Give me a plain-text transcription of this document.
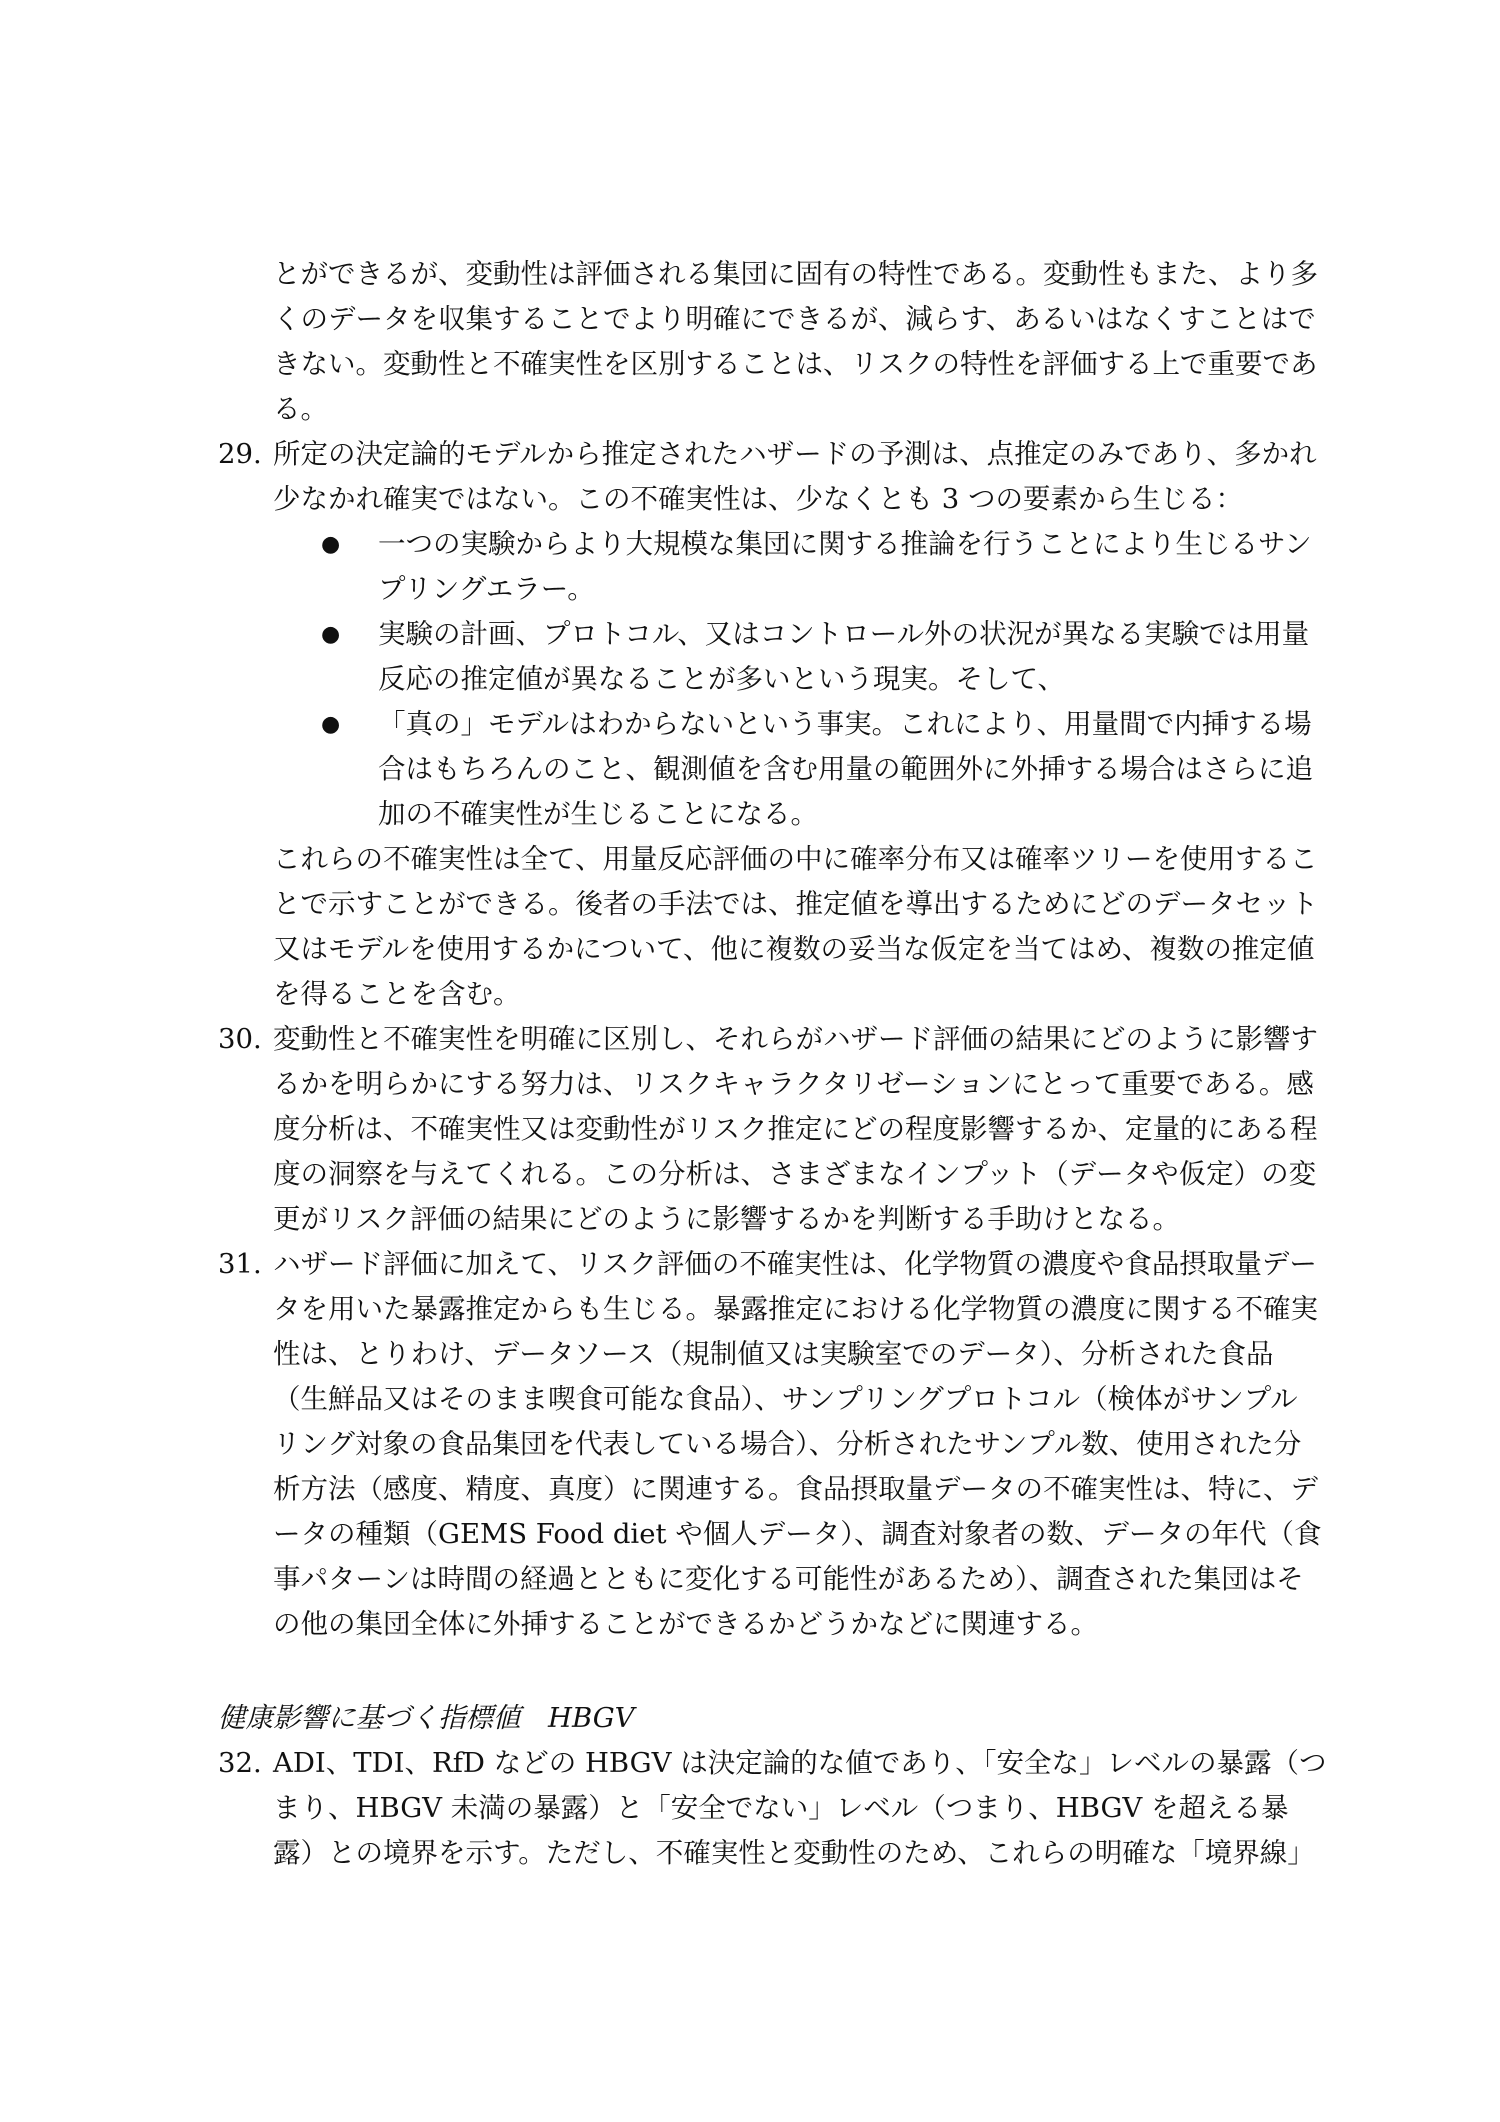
とができるが、変動性は評価される集団に固有の特性である。変動性もまた、より多
くのデータを収集することでより明確にできるが、減らす、あるいはなくすことはで
きない。変動性と不確実性を区別することは、リスクの特性を評価する上で重要であ
る。
29. 所定の決定論的モデルから推定されたハザードの予測は、点推定のみであり、多かれ
少なかれ確実ではない。この不確実性は、少なくとも 3 つの要素から生じる：
● 一つの実験からより大規模な集団に関する推論を行うことにより生じるサン
プリングエラー。
● 実験の計画、プロトコル、又はコントロール外の状況が異なる実験では用量
反応の推定値が異なることが多いという現実。そして、
● 「真の」モデルはわからないという事実。これにより、用量間で内挿する場
合はもちろんのこと、観測値を含む用量の範囲外に外挿する場合はさらに追
加の不確実性が生じることになる。
これらの不確実性は全て、用量反応評価の中に確率分布又は確率ツリーを使用するこ
とで示すことができる。後者の手法では、推定値を導出するためにどのデータセット
又はモデルを使用するかについて、他に複数の妥当な仮定を当てはめ、複数の推定値
を得ることを含む。
30. 変動性と不確実性を明確に区別し、それらがハザード評価の結果にどのように影響す
るかを明らかにする努力は、リスクキャラクタリゼーションにとって重要である。感
度分析は、不確実性又は変動性がリスク推定にどの程度影響するか、定量的にある程
度の洞察を与えてくれる。この分析は、さまざまなインプット（データや仮定）の変
更がリスク評価の結果にどのように影響するかを判断する手助けとなる。
31. ハザード評価に加えて、リスク評価の不確実性は、化学物質の濃度や食品摂取量デー
タを用いた暴露推定からも生じる。暴露推定における化学物質の濃度に関する不確実
性は、とりわけ、データソース（規制値又は実験室でのデータ）、分析された食品
（生鮮品又はそのまま喫食可能な食品）、サンプリングプロトコル（検体がサンプル
リング対象の食品集団を代表している場合）、分析されたサンプル数、使用された分
析方法（感度、精度、真度）に関連する。食品摂取量データの不確実性は、特に、デ
ータの種類（GEMS Food diet や個人データ）、調査対象者の数、データの年代（食
事パターンは時間の経過とともに変化する可能性があるため）、調査された集団はそ
の他の集団全体に外挿することができるかどうかなどに関連する。
健康影響に基づく指標値　HBGV
32. ADI、TDI、RfD などの HBGV は決定論的な値であり、「安全な」レベルの暴露（つ
まり、HBGV 未満の暴露）と「安全でない」レベル（つまり、HBGV を超える暴
露）との境界を示す。ただし、不確実性と変動性のため、これらの明確な「境界線」
